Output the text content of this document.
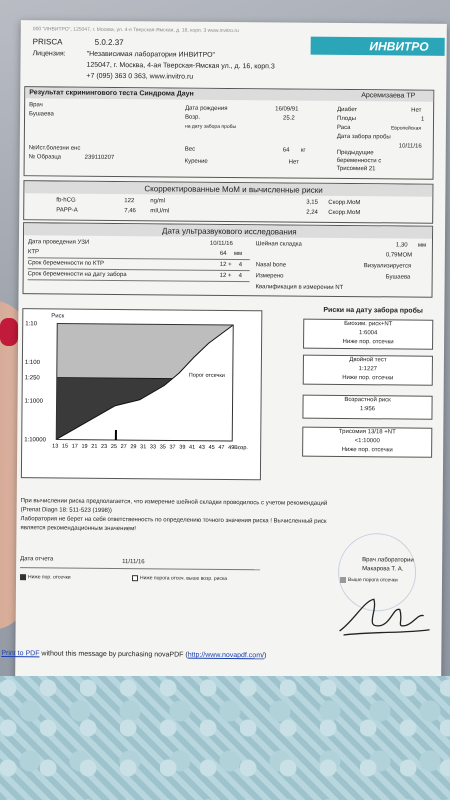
000 "ИНВИТРО", 125047, г. Москва, ул. 4-я Тверская-Ямская, д. 16, корп. 3 www.invitro.ru
PRISCA	5.0.2.37	ИНВИТРО
Лицензия:	"Независимая лаборатория ИНВИТРО"
125047, г. Москва, 4-ая Тверская-Ямская ул., д. 16, корп.3
+7 (095) 363 0 363, www.invitro.ru
Результат скринингового теста Синдрома Даун	Арсемизаева ТР
Врач
Бушаева
Дата рождения	16/09/91
Возр.	25.2
на дату забора пробы
Диабет	Нет
Плоды	1
Раса	Европейская
Дата забора пробы
10/11/16
№Ист.болезни енс
№ Образца	239110207
Вес	64 кг
Курение	Нет
Предыдущие
беременности с
Трисомией 21
Скорректированные МоМ и вычисленные риски
fb-hCG	122	ng/ml	3,15 Скорр.МоМ
PAPP-A	7,46 mIU/ml	2,24 Скорр.МоМ
Дата ультразвукового исследования
Дата проведения УЗИ	10/11/16
КТР	64 мм
Срок беременности по КТР	12 + 4
Срок беременности на дату забора	12 + 4
Шейная складка	1,30 мм
0,79МОМ
Nasal bone	Визуализируется
Измерено	Бушаева
Квалификация в измерении NT
Риск
1:10
1:100
1:250
1:1000
1:10000
13 15 17 19 21 23 25 27 29 31 33 35 37 39 41 43 45 47 49 Возр.
Порог отсечки
Риски на дату забора пробы
Биохим. риск+NT
1:6004
Ниже пор. отсечки
Двойной тест
1:1227
Ниже пор. отсечки
Возрастной риск
1:956
Трисомия 13/18 +NT
<1:10000
Ниже пор. отсечки
При вычислении риска предполагается, что измерение шейной складки проводилось с учетом рекомендаций
(Prenat Diagn 18: 511-523 (1998))
Лаборатория не берет на себя ответственность по определению точного значения риска ! Вычисленный риск
является рекомендационным значением!
Дата отчета	11/11/16	Врач лаборатории
Макарова Т. А.
Ниже пор. отсечки	Ниже порога отсеч. выше возр. риска	Выше порога отсечки
Print to PDF without this message by purchasing novaPDF (http://www.novapdf.com/)
